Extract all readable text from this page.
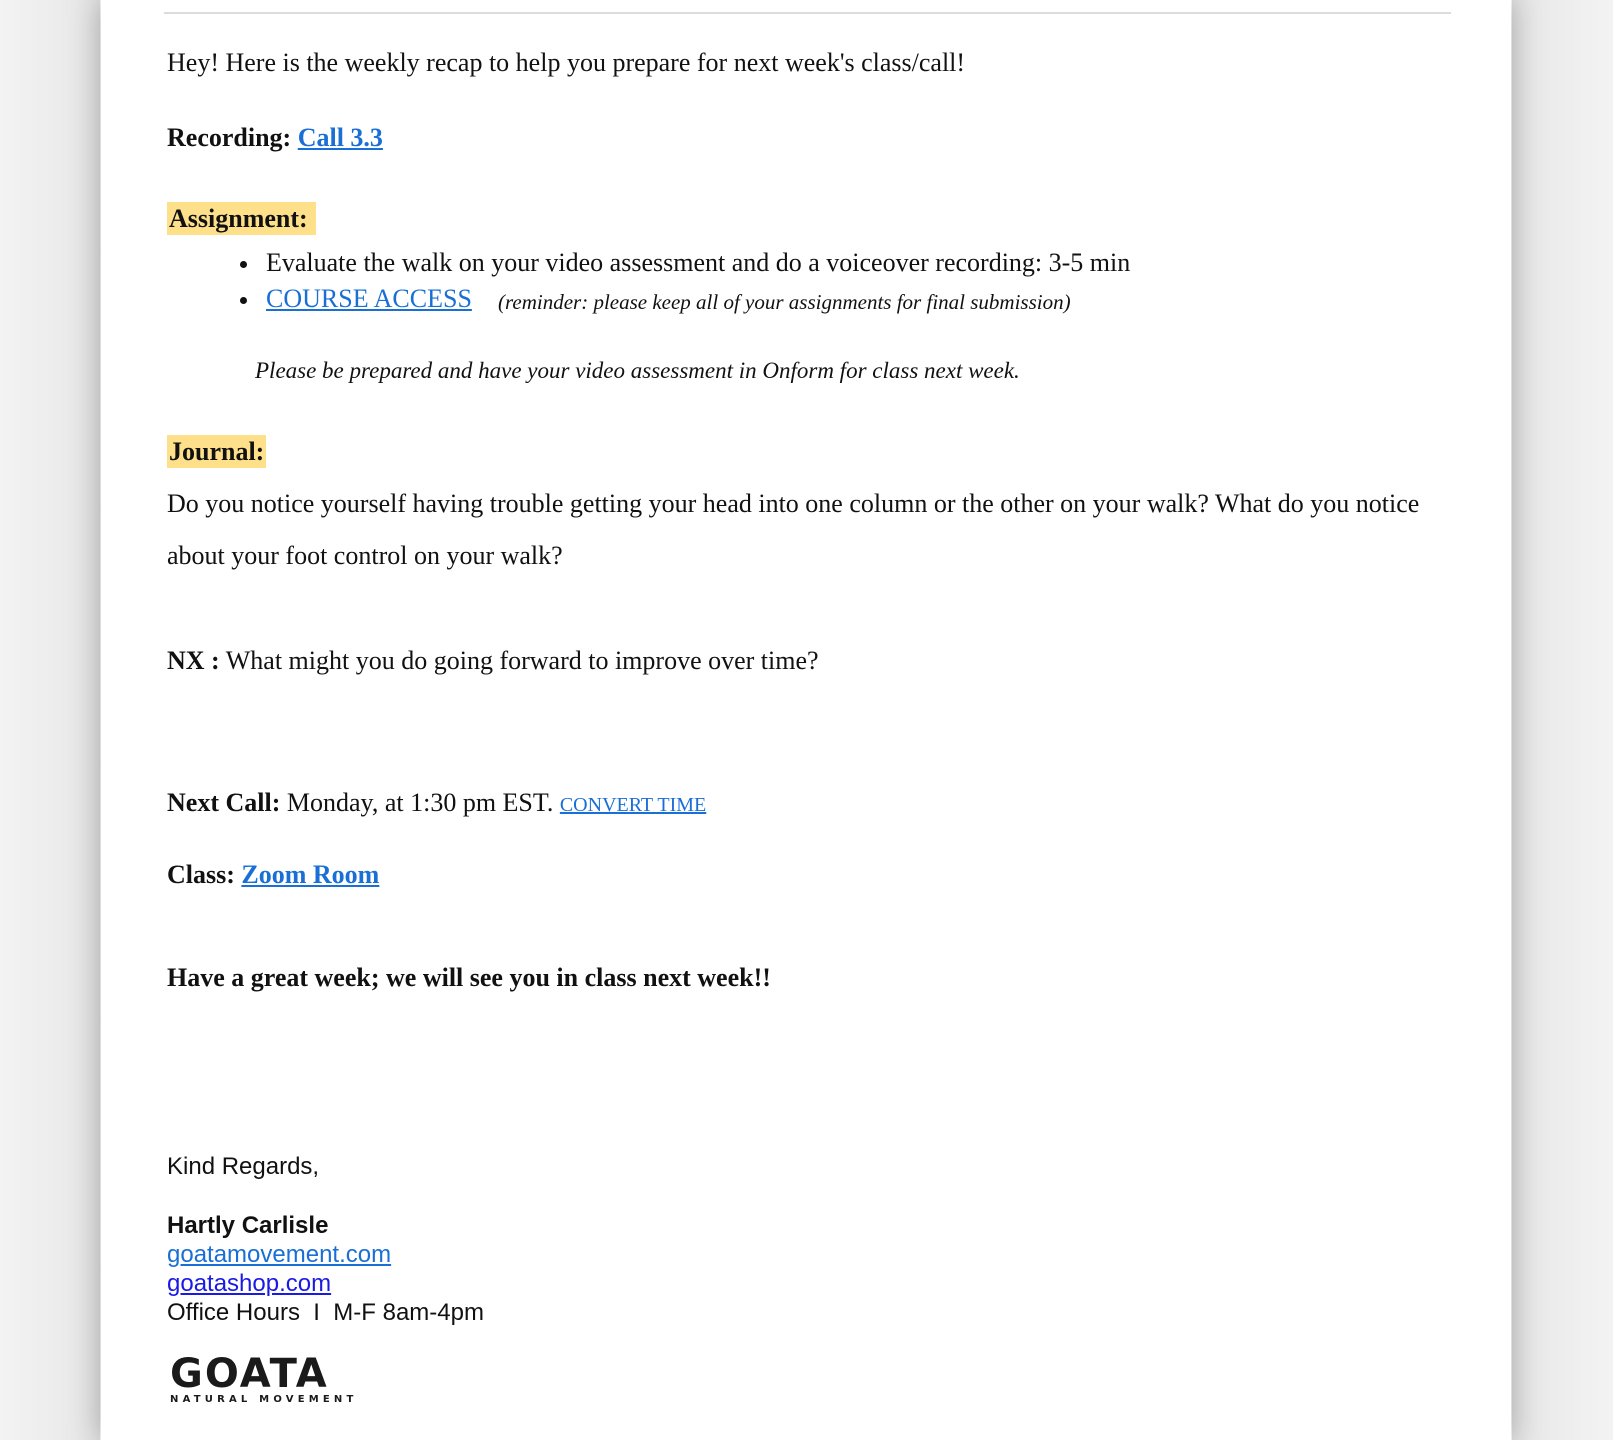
Hey! Here is the weekly recap to help you prepare for next week's class/call!
Recording: Call 3.3
Assignment:
Evaluate the walk on your video assessment and do a voiceover recording: 3-5 min
COURSE ACCESS (reminder: please keep all of your assignments for final submission)
Please be prepared and have your video assessment in Onform for class next week.
Journal:
Do you notice yourself having trouble getting your head into one column or the other on your walk? What do you notice
about your foot control on your walk?
NX : What might you do going forward to improve over time?
Next Call: Monday, at 1:30 pm EST. CONVERT TIME
Class: Zoom Room
Have a great week; we will see you in class next week!!
Kind Regards,
Hartly Carlisle
goatamovement.com
goatashop.com
Office Hours  I  M-F 8am-4pm
GOATA
NATURAL MOVEMENT
